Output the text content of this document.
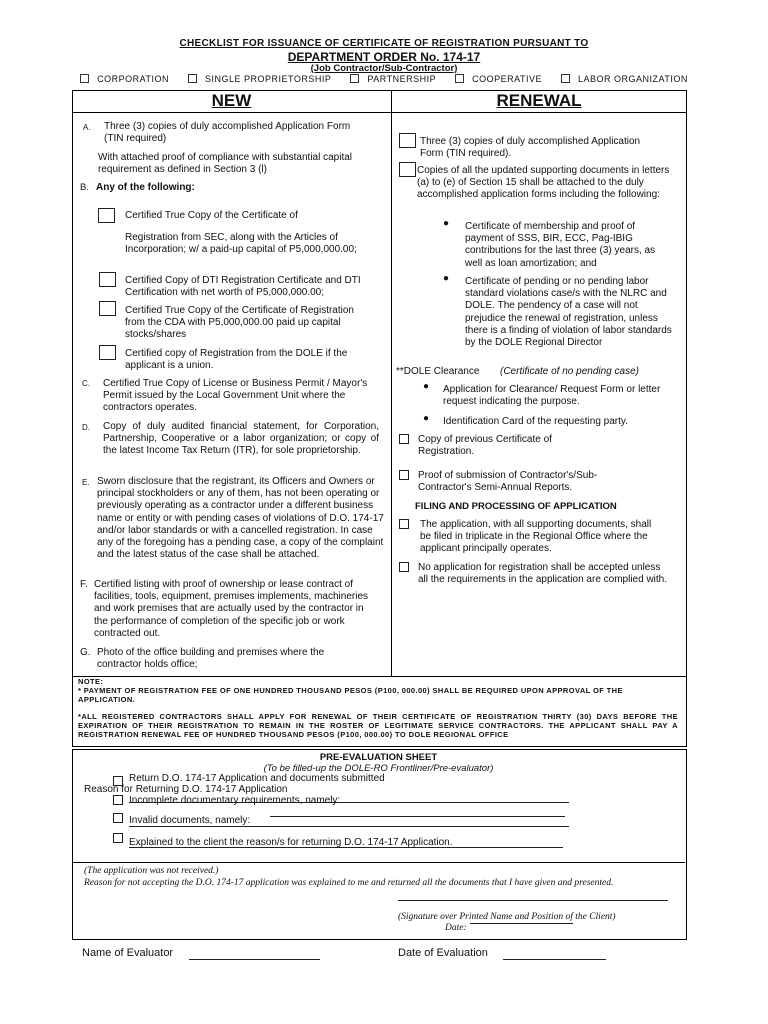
CHECKLIST FOR ISSUANCE OF CERTIFICATE OF REGISTRATION PURSUANT TO
DEPARTMENT ORDER No. 174-17
(Job Contractor/Sub-Contractor)
CORPORATION	SINGLE PROPRIETORSHIP	PARTNERSHIP	COOPERATIVE	LABOR ORGANIZATION
NEW	RENEWAL
A. Three (3) copies of duly accomplished Application Form (TIN required)
With attached proof of compliance with substantial capital requirement as defined in Section 3 (l)
B. Any of the following:
Certified True Copy of the Certificate of
Registration from SEC, along with the Articles of Incorporation; w/ a paid-up capital of P5,000,000.00;
Certified Copy of DTI Registration Certificate and DTI Certification with net worth of P5,000,000.00;
Certified True Copy of the Certificate of Registration from the CDA with P5,000,000.00 paid up capital stocks/shares
Certified copy of Registration from the DOLE if the applicant is a union.
C. Certified True Copy of License or Business Permit / Mayor's Permit issued by the Local Government Unit where the contractors operates.
D. Copy of duly audited financial statement, for Corporation, Partnership, Cooperative or a labor organization; or copy of the latest Income Tax Return (ITR), for sole proprietorship.
E. Sworn disclosure that the registrant, its Officers and Owners or principal stockholders or any of them, has not been operating or previously operating as a contractor under a different business name or entity or with pending cases of violations of D.O. 174-17 and/or labor standards or with a cancelled registration. In case any of the foregoing has a pending case, a copy of the complaint and the latest status of the case shall be attached.
F. Certified listing with proof of ownership or lease contract of facilities, tools, equipment, premises implements, machineries and work premises that are actually used by the contractor in the performance of completion of the specific job or work contracted out.
G. Photo of the office building and premises where the contractor holds office;
Three (3) copies of duly accomplished Application Form (TIN required).
Copies of all the updated supporting documents in letters (a) to (e) of Section 15 shall be attached to the duly accomplished application forms including the following:
● Certificate of membership and proof of payment of SSS, BIR, ECC, Pag-IBIG contributions for the last three (3) years, as well as loan amortization; and
● Certificate of pending or no pending labor standard violations case/s with the NLRC and DOLE. The pendency of a case will not prejudice the renewal of registration, unless there is a finding of violation of labor standards by the DOLE Regional Director
**DOLE Clearance (Certificate of no pending case)
● Application for Clearance/ Request Form or letter request indicating the purpose.
● Identification Card of the requesting party.
Copy of previous Certificate of Registration.
Proof of submission of Contractor's/Sub-Contractor's Semi-Annual Reports.
FILING AND PROCESSING OF APPLICATION
The application, with all supporting documents, shall be filed in triplicate in the Regional Office where the applicant principally operates.
No application for registration shall be accepted unless all the requirements in the application are complied with.
NOTE:
* PAYMENT OF REGISTRATION FEE OF ONE HUNDRED THOUSAND PESOS (P100, 000.00) SHALL BE REQUIRED UPON APPROVAL OF THE APPLICATION.
*ALL REGISTERED CONTRACTORS SHALL APPLY FOR RENEWAL OF THEIR CERTIFICATE OF REGISTRATION THIRTY (30) DAYS BEFORE THE EXPIRATION OF THEIR REGISTRATION TO REMAIN IN THE ROSTER OF LEGITIMATE SERVICE CONTRACTORS. THE APPLICANT SHALL PAY A REGISTRATION RENEWAL FEE OF HUNDRED THOUSAND PESOS (P100, 000.00) TO DOLE REGIONAL OFFICE
PRE-EVALUATION SHEET
(To be filled-up the DOLE-RO Frontliner/Pre-evaluator)
Return D.O. 174-17 Application and documents submitted
Reason for Returning D.O. 174-17 Application
Incomplete documentary requirements, namely:
Invalid documents, namely:
Explained to the client the reason/s for returning D.O. 174-17 Application.
(The application was not received.)
Reason for not accepting the D.O. 174-17 application was explained to me and returned all the documents that I have given and presented.
(Signature over Printed Name and Position of the Client)
Date:
Name of Evaluator	Date of Evaluation
